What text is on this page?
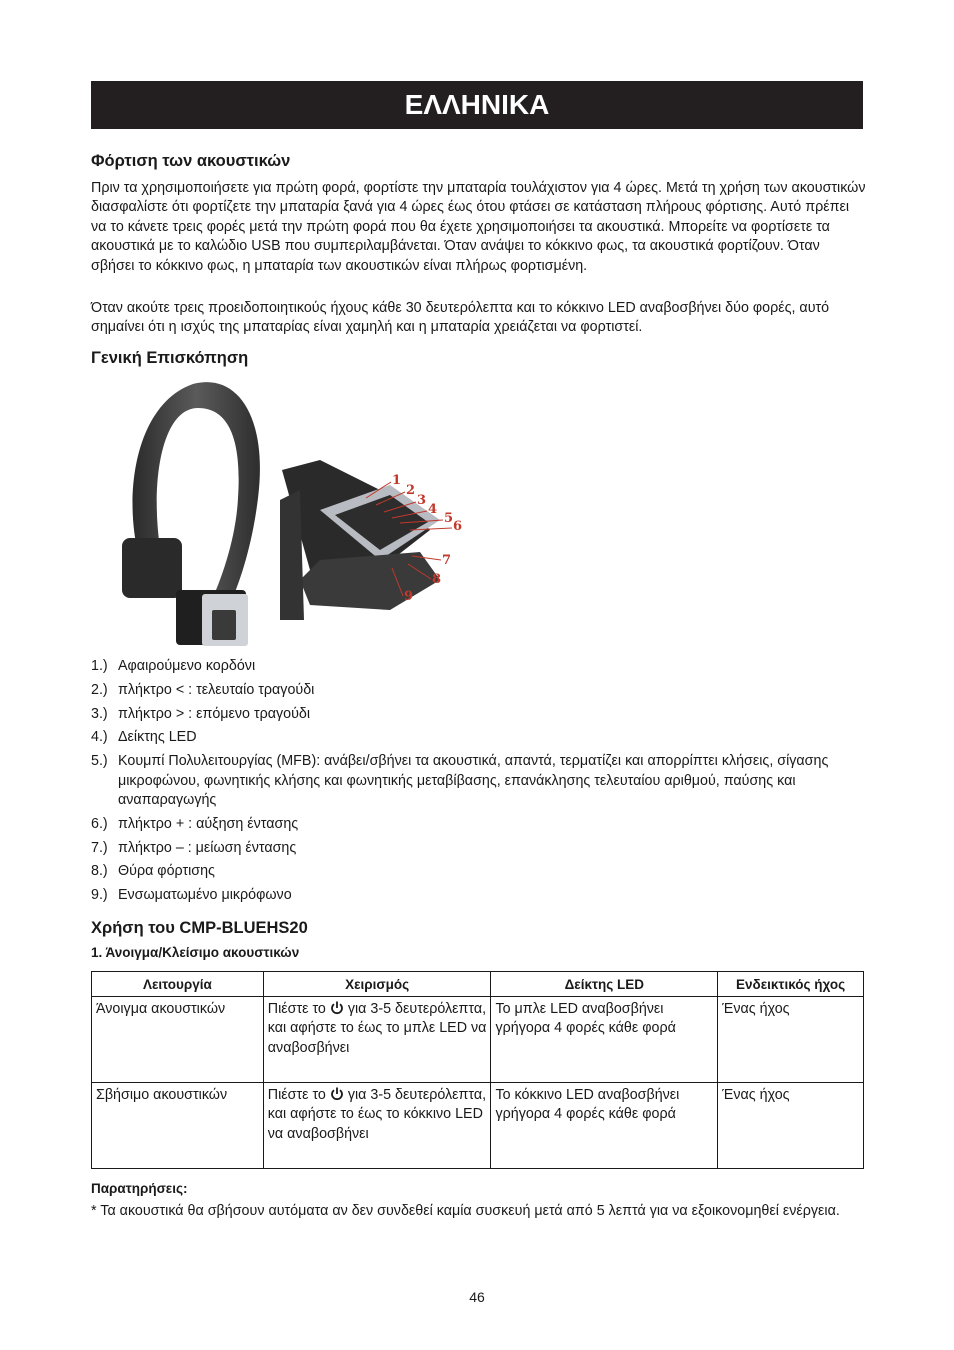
ΕΛΛΗΝΙΚΑ
Φόρτιση των ακουστικών
Πριν τα χρησιμοποιήσετε για πρώτη φορά, φορτίστε την μπαταρία τουλάχιστον για 4 ώρες. Μετά τη χρήση των ακουστικών διασφαλίστε ότι φορτίζετε την μπαταρία ξανά για 4 ώρες έως ότου φτάσει σε κατάσταση πλήρους φόρτισης. Αυτό πρέπει να το κάνετε τρεις φορές μετά την πρώτη φορά που θα έχετε χρησιμοποιήσει τα ακουστικά. Μπορείτε να φορτίσετε τα ακουστικά με το καλώδιο USB που συμπεριλαμβάνεται. Όταν ανάψει το κόκκινο φως, τα ακουστικά φορτίζουν. Όταν σβήσει το κόκκινο φως, η μπαταρία των ακουστικών είναι πλήρως φορτισμένη.
Όταν ακούτε τρεις προειδοποιητικούς ήχους κάθε 30 δευτερόλεπτα και το κόκκινο LED αναβοσβήνει δύο φορές, αυτό σημαίνει ότι η ισχύς της μπαταρίας είναι χαμηλή και η μπαταρία χρειάζεται να φορτιστεί.
Γενική Επισκόπηση
1
2
3
4
5
6
7
8
9
1.) Αφαιρούμενο κορδόνι
2.) πλήκτρο < : τελευταίο τραγούδι
3.) πλήκτρο > : επόμενο τραγούδι
4.) Δείκτης LED
5.) Κουμπί Πολυλειτουργίας (MFB): ανάβει/σβήνει τα ακουστικά, απαντά, τερματίζει και απορρίπτει κλήσεις, σίγασης μικροφώνου, φωνητικής κλήσης και φωνητικής μεταβίβασης, επανάκλησης τελευταίου αριθμού, παύσης και αναπαραγωγής
6.) πλήκτρο + : αύξηση έντασης
7.) πλήκτρο – : μείωση έντασης
8.) Θύρα φόρτισης
9.) Ενσωματωμένο μικρόφωνο
Χρήση του CMP-BLUEHS20
1. Άνοιγμα/Κλείσιμο ακουστικών
Λειτουργία	Χειρισμός	Δείκτης LED	Ενδεικτικός ήχος
Άνοιγμα ακουστικών	Πιέστε το για 3-5 δευτερόλεπτα, και αφήστε το έως το μπλε LED να αναβοσβήνει	Το μπλε LED αναβοσβήνει γρήγορα 4 φορές κάθε φορά	Ένας ήχος
Σβήσιμο ακουστικών	Πιέστε το για 3-5 δευτερόλεπτα, και αφήστε το έως το κόκκινο LED να αναβοσβήνει	Το κόκκινο LED αναβοσβήνει γρήγορα 4 φορές κάθε φορά	Ένας ήχος
Παρατηρήσεις:
* Τα ακουστικά θα σβήσουν αυτόματα αν δεν συνδεθεί καμία συσκευή μετά από 5 λεπτά για να εξοικονομηθεί ενέργεια.
46
